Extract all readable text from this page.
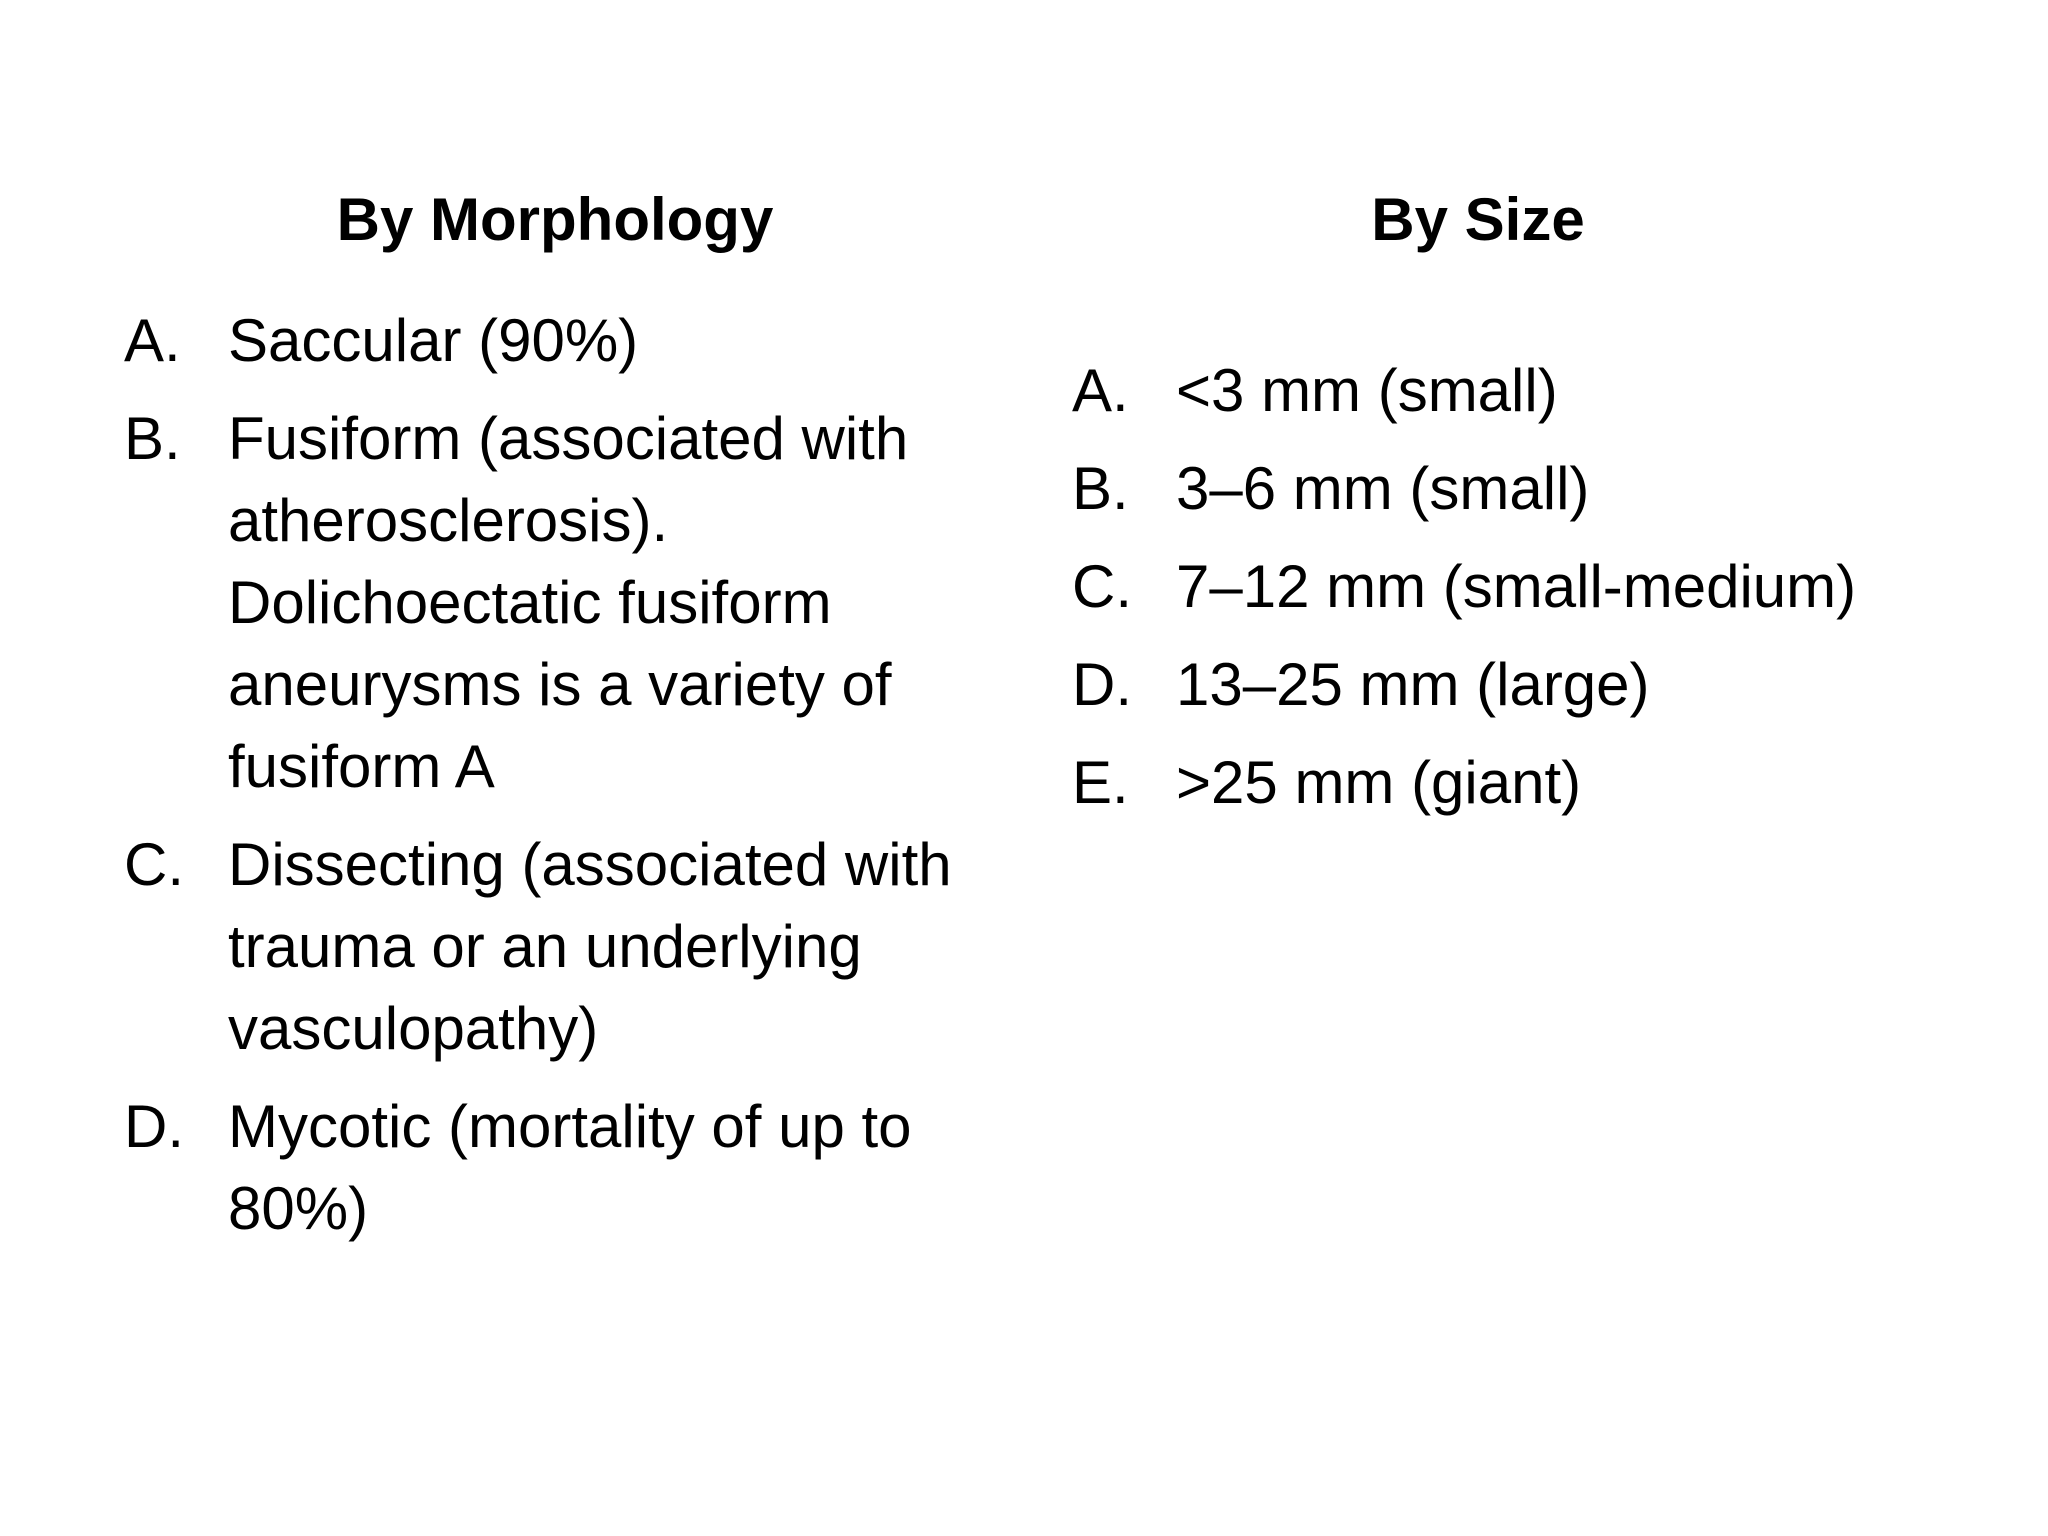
By Morphology
A. Saccular (90%)
B. Fusiform (associated with atherosclerosis). Dolichoectatic fusiform aneurysms is a variety of fusiform A
C. Dissecting (associated with trauma or an underlying vasculopathy)
D. Mycotic (mortality of up to 80%)
By Size
A. <3 mm (small)
B. 3–6 mm (small)
C. 7–12 mm (small-medium)
D. 13–25 mm (large)
E. >25 mm (giant)
